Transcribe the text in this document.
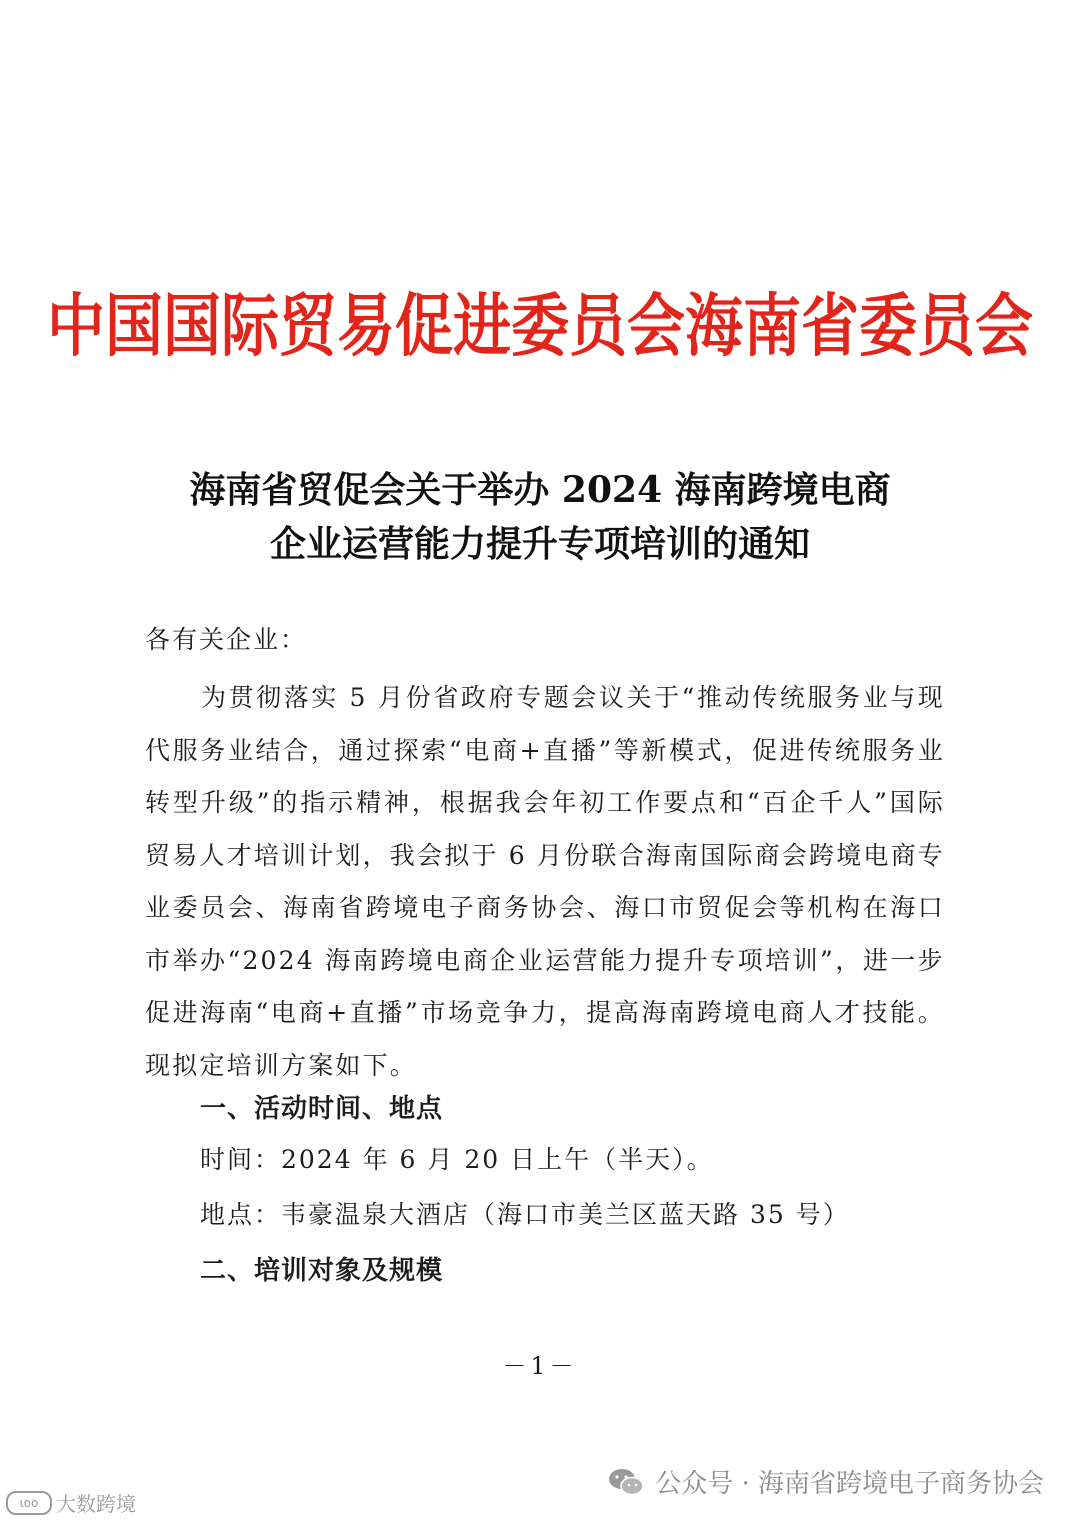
中国国际贸易促进委员会海南省委员会
海南省贸促会关于举办 2024 海南跨境电商
企业运营能力提升专项培训的通知
各有关企业：
为贯彻落实 5 月份省政府专题会议关于“推动传统服务业与现代服务业结合，通过探索“电商+直播”等新模式，促进传统服务业转型升级”的指示精神，根据我会年初工作要点和“百企千人”国际贸易人才培训计划，我会拟于 6 月份联合海南国际商会跨境电商专业委员会、海南省跨境电子商务协会、海口市贸促会等机构在海口市举办“2024 海南跨境电商企业运营能力提升专项培训”，进一步促进海南“电商+直播”市场竞争力，提高海南跨境电商人才技能。现拟定培训方案如下。
一、活动时间、地点
时间：2024 年 6 月 20 日上午（半天）。
地点：韦豪温泉大酒店（海口市美兰区蓝天路 35 号）
二、培训对象及规模
－1－
公众号 · 海南省跨境电子商务协会
ιοο 大数跨境
